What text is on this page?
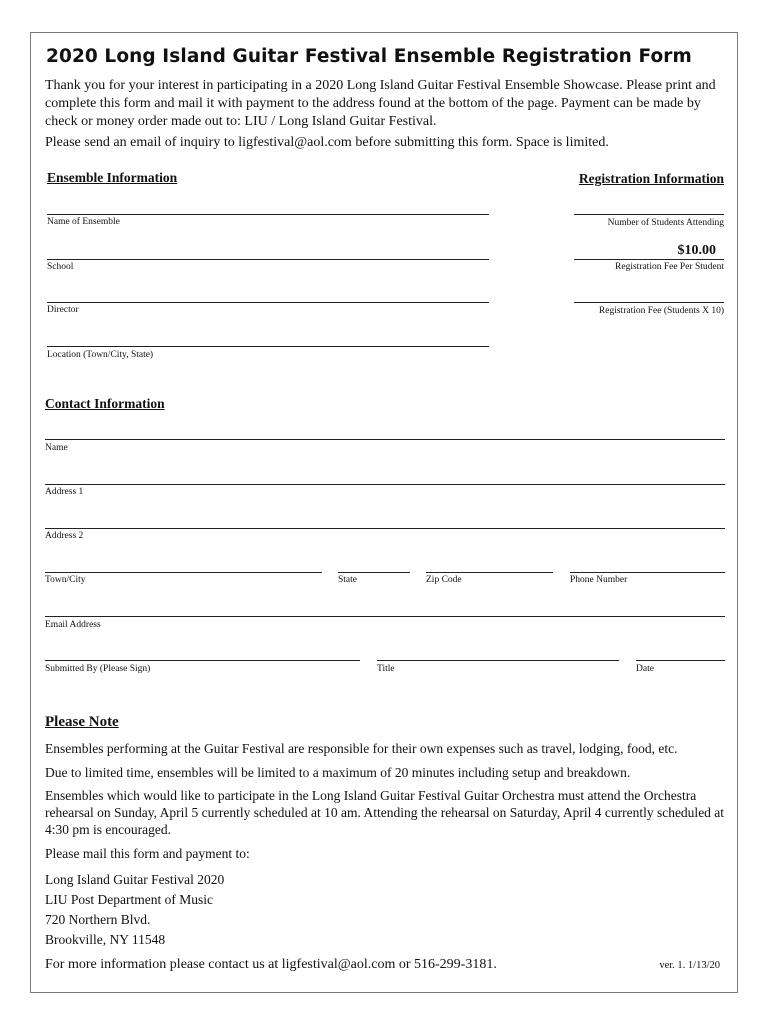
2020 Long Island Guitar Festival Ensemble Registration Form
Thank you for your interest in participating in a 2020 Long Island Guitar Festival Ensemble Showcase. Please print and complete this form and mail it with payment to the address found at the bottom of the page. Payment can be made by check or money order made out to: LIU / Long Island Guitar Festival.
Please send an email of inquiry to ligfestival@aol.com before submitting this form. Space is limited.
Ensemble Information
Name of Ensemble
School
Director
Location (Town/City, State)
Registration Information
Number of Students Attending
$10.00
Registration Fee Per Student
Registration Fee (Students X 10)
Contact Information
Name
Address 1
Address 2
Town/City	State	Zip Code	Phone Number
Email Address
Submitted By (Please Sign)	Title	Date
Please Note
Ensembles performing at the Guitar Festival are responsible for their own expenses such as travel, lodging, food, etc.
Due to limited time, ensembles will be limited to a maximum of 20 minutes including setup and breakdown.
Ensembles which would like to participate in the Long Island Guitar Festival Guitar Orchestra must attend the Orchestra rehearsal on Sunday, April 5 currently scheduled at 10 am. Attending the rehearsal on Saturday, April 4 currently scheduled at 4:30 pm is encouraged.
Please mail this form and payment to:
Long Island Guitar Festival 2020
LIU Post Department of Music
720 Northern Blvd.
Brookville, NY 11548
For more information please contact us at ligfestival@aol.com or 516-299-3181.	ver. 1. 1/13/20
